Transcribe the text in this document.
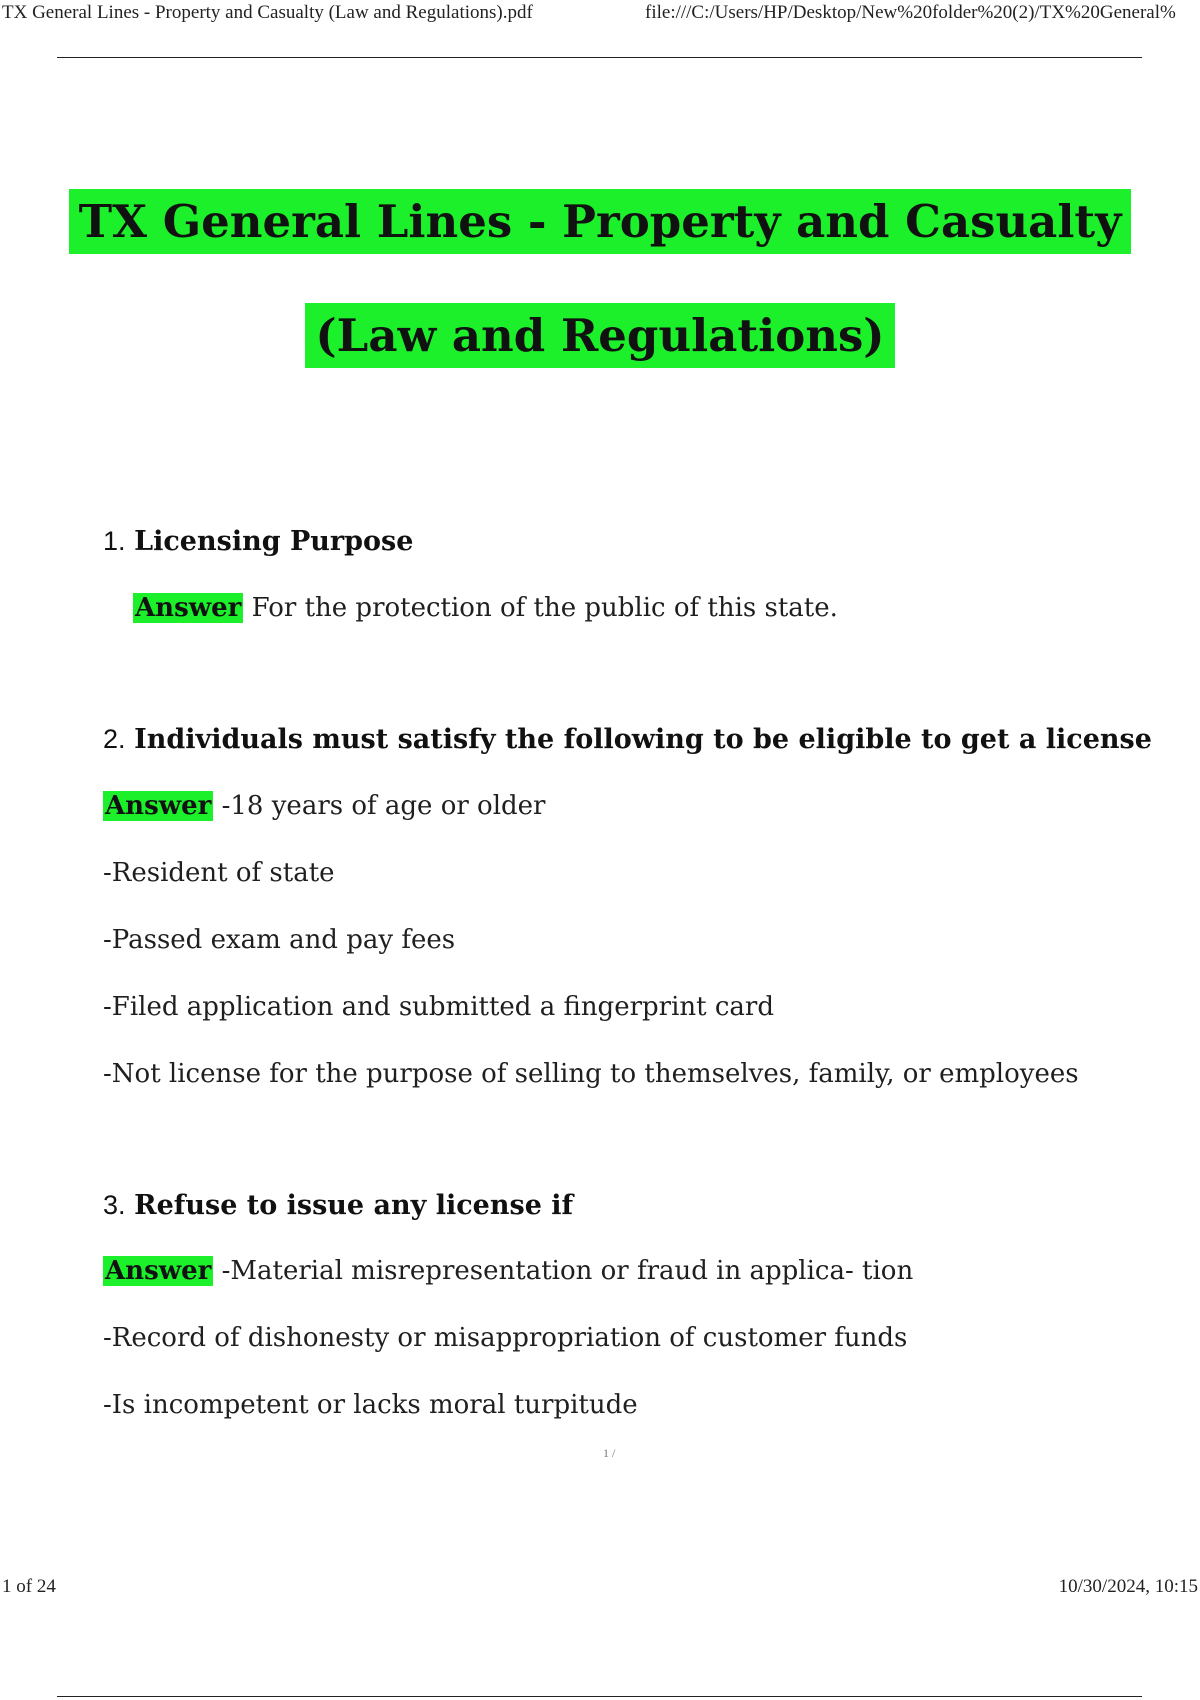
TX General Lines - Property and Casualty (Law and Regulations).pdf	file:///C:/Users/HP/Desktop/New%20folder%20(2)/TX%20General%
TX General Lines - Property and Casualty
(Law and Regulations)
1. Licensing Purpose
Answer For the protection of the public of this state.
2. Individuals must satisfy the following to be eligible to get a license
Answer -18 years of age or older
-Resident of state
-Passed exam and pay fees
-Filed application and submitted a fingerprint card
-Not license for the purpose of selling to themselves, family, or employees
3. Refuse to issue any license if
Answer -Material misrepresentation or fraud in applica- tion
-Record of dishonesty or misappropriation of customer funds
-Is incompetent or lacks moral turpitude
1 /
1 of 24	10/30/2024, 10:15
